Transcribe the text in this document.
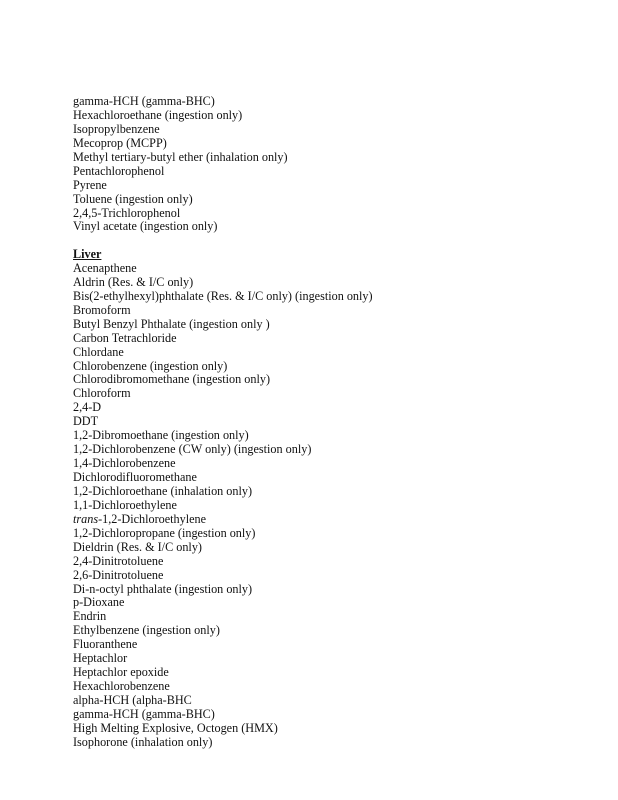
gamma-HCH (gamma-BHC)
Hexachloroethane (ingestion only)
Isopropylbenzene
Mecoprop (MCPP)
Methyl tertiary-butyl ether (inhalation only)
Pentachlorophenol
Pyrene
Toluene (ingestion only)
2,4,5-Trichlorophenol
Vinyl acetate (ingestion only)
Liver
Acenapthene
Aldrin (Res. & I/C only)
Bis(2-ethylhexyl)phthalate (Res. & I/C only) (ingestion only)
Bromoform
Butyl Benzyl Phthalate (ingestion only )
Carbon Tetrachloride
Chlordane
Chlorobenzene (ingestion only)
Chlorodibromomethane (ingestion only)
Chloroform
2,4-D
DDT
1,2-Dibromoethane (ingestion only)
1,2-Dichlorobenzene (CW only) (ingestion only)
1,4-Dichlorobenzene
Dichlorodifluoromethane
1,2-Dichloroethane (inhalation only)
1,1-Dichloroethylene
trans-1,2-Dichloroethylene
1,2-Dichloropropane (ingestion only)
Dieldrin (Res. & I/C only)
2,4-Dinitrotoluene
2,6-Dinitrotoluene
Di-n-octyl phthalate (ingestion only)
p-Dioxane
Endrin
Ethylbenzene (ingestion only)
Fluoranthene
Heptachlor
Heptachlor epoxide
Hexachlorobenzene
alpha-HCH (alpha-BHC
gamma-HCH (gamma-BHC)
High Melting Explosive, Octogen (HMX)
Isophorone (inhalation only)
